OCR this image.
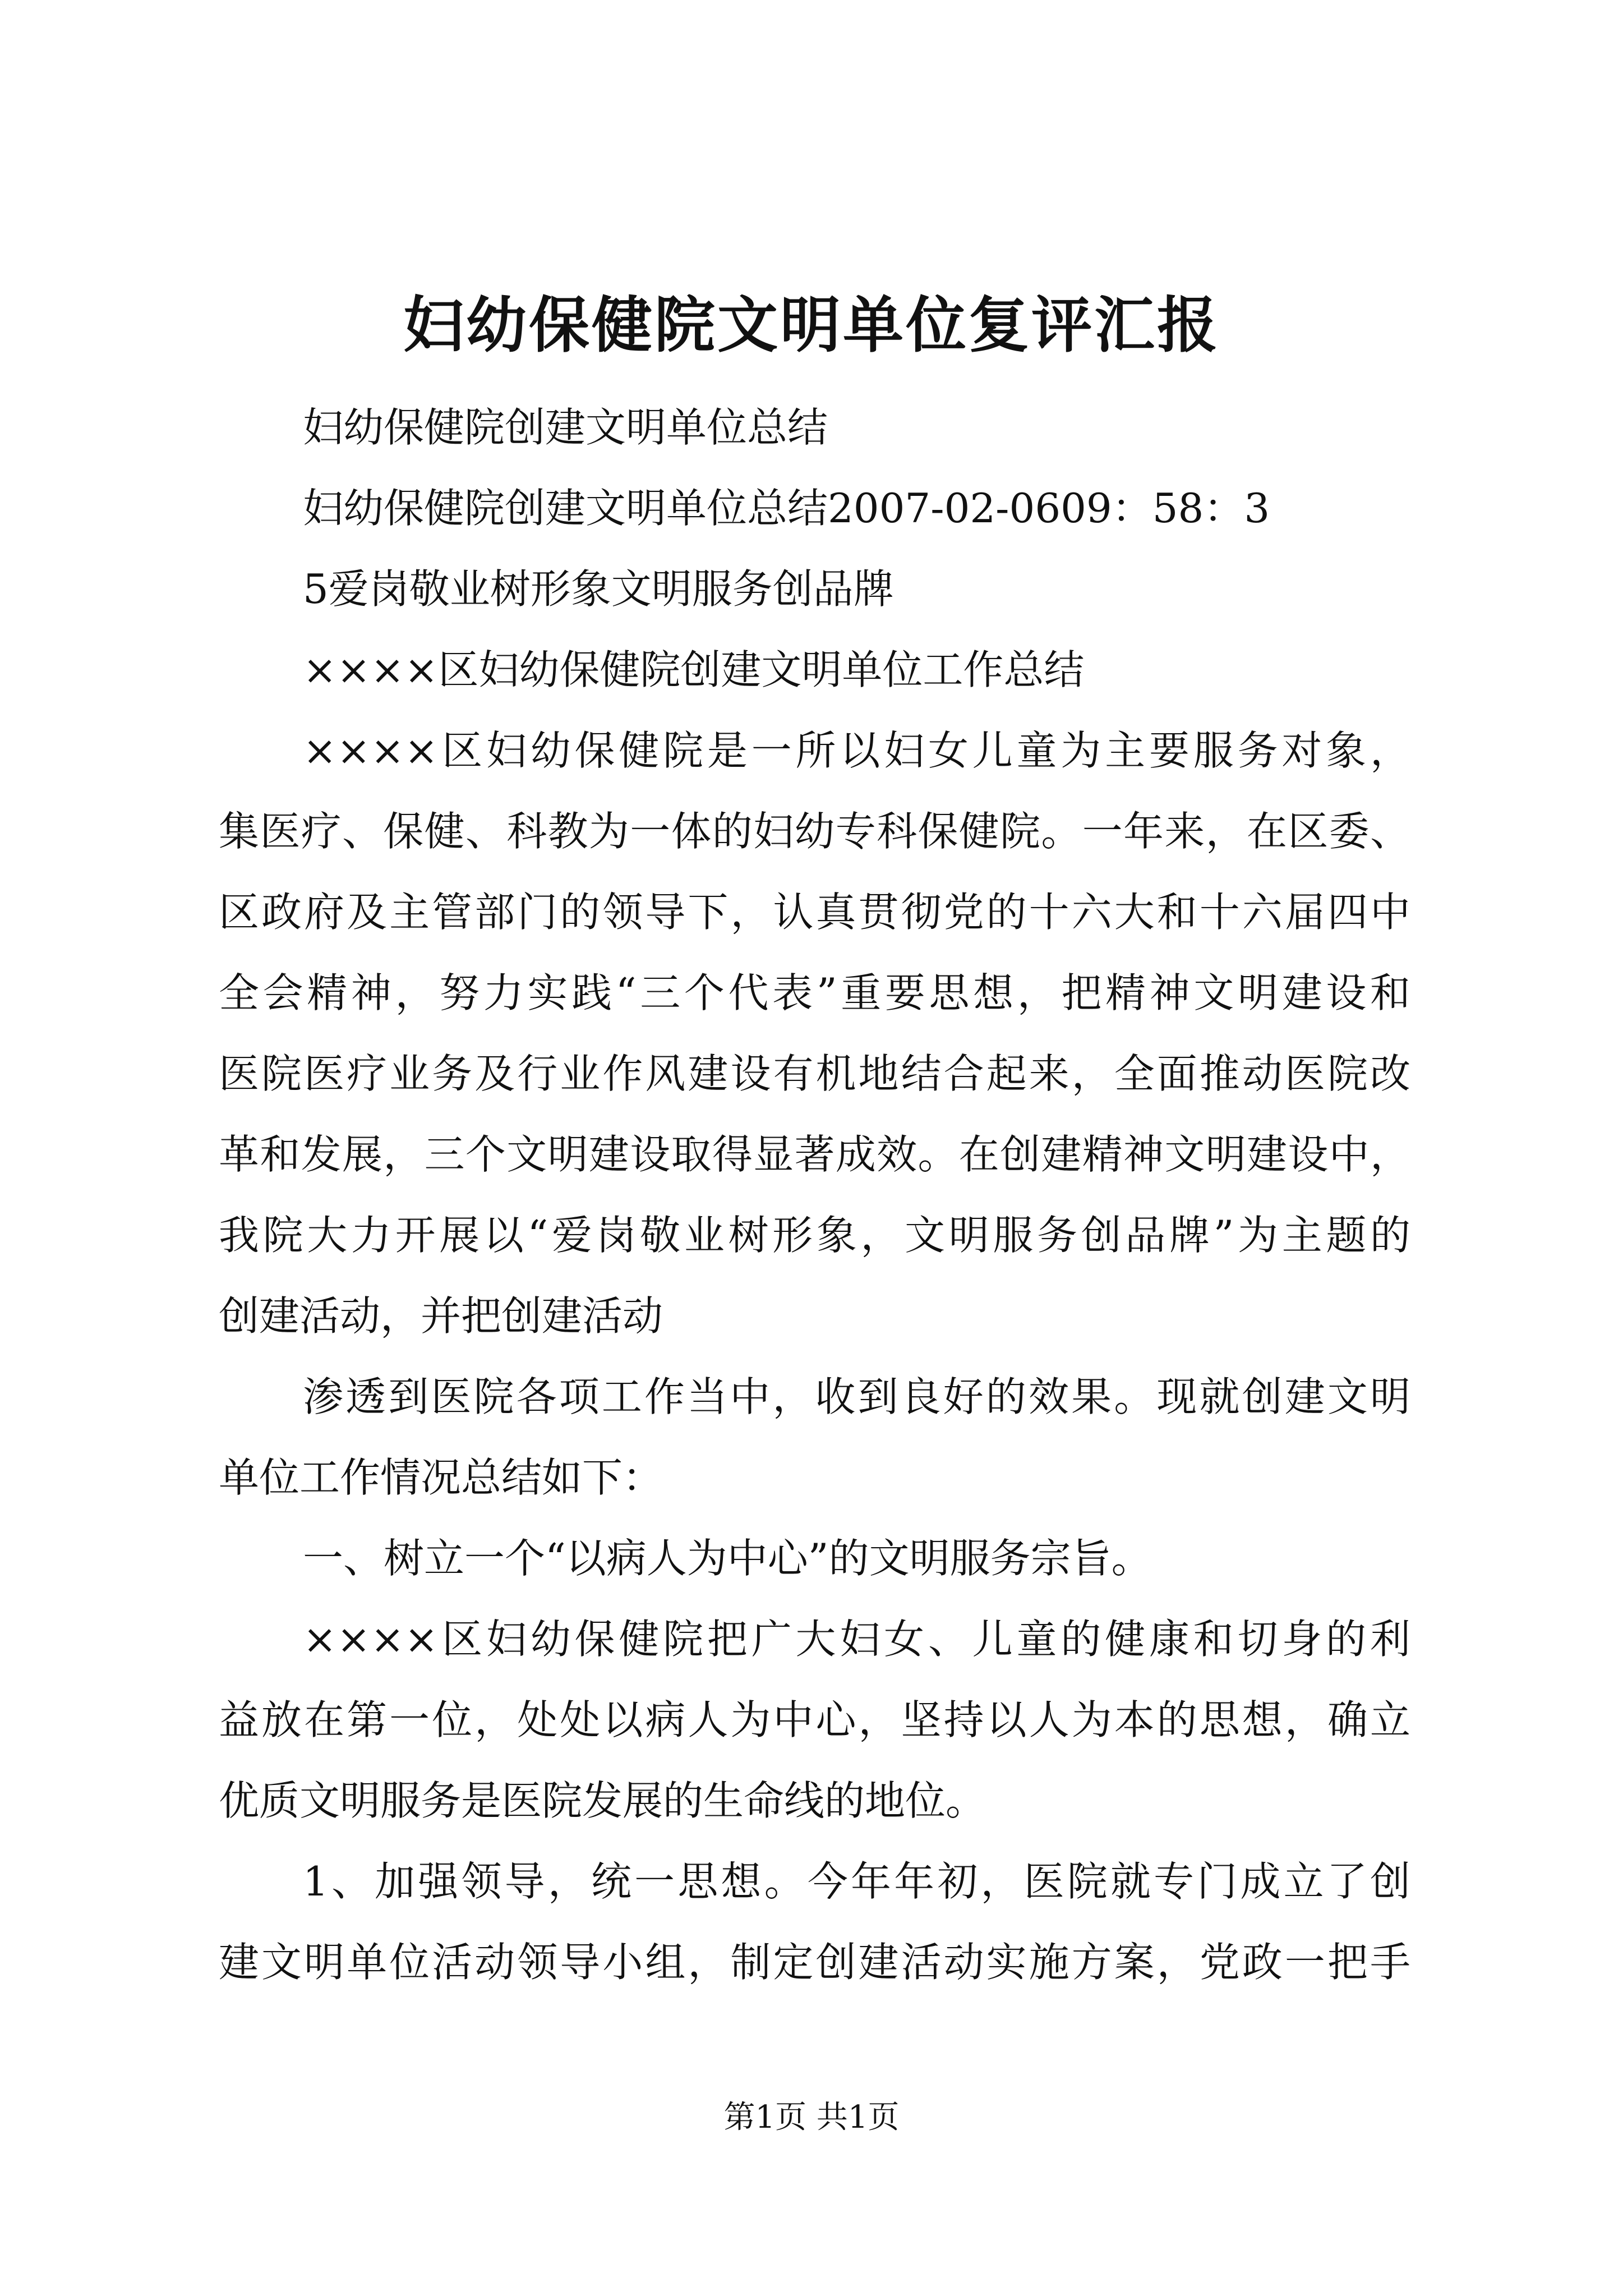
妇幼保健院文明单位复评汇报
妇幼保健院创建文明单位总结
妇幼保健院创建文明单位总结2007-02-0609：58：3
5爱岗敬业树形象文明服务创品牌
××××区妇幼保健院创建文明单位工作总结
××××区妇幼保健院是一所以妇女儿童为主要服务对象，
集医疗、保健、科教为一体的妇幼专科保健院。一年来，在区委、
区政府及主管部门的领导下，认真贯彻党的十六大和十六届四中
全会精神，努力实践“三个代表”重要思想，把精神文明建设和
医院医疗业务及行业作风建设有机地结合起来，全面推动医院改
革和发展，三个文明建设取得显著成效。在创建精神文明建设中，
我院大力开展以“爱岗敬业树形象，文明服务创品牌”为主题的
创建活动，并把创建活动
渗透到医院各项工作当中，收到良好的效果。现就创建文明
单位工作情况总结如下：
一、树立一个“以病人为中心”的文明服务宗旨。
××××区妇幼保健院把广大妇女、儿童的健康和切身的利
益放在第一位，处处以病人为中心，坚持以人为本的思想，确立
优质文明服务是医院发展的生命线的地位。
1、加强领导，统一思想。今年年初，医院就专门成立了创
建文明单位活动领导小组，制定创建活动实施方案，党政一把手
第1页 共1页
